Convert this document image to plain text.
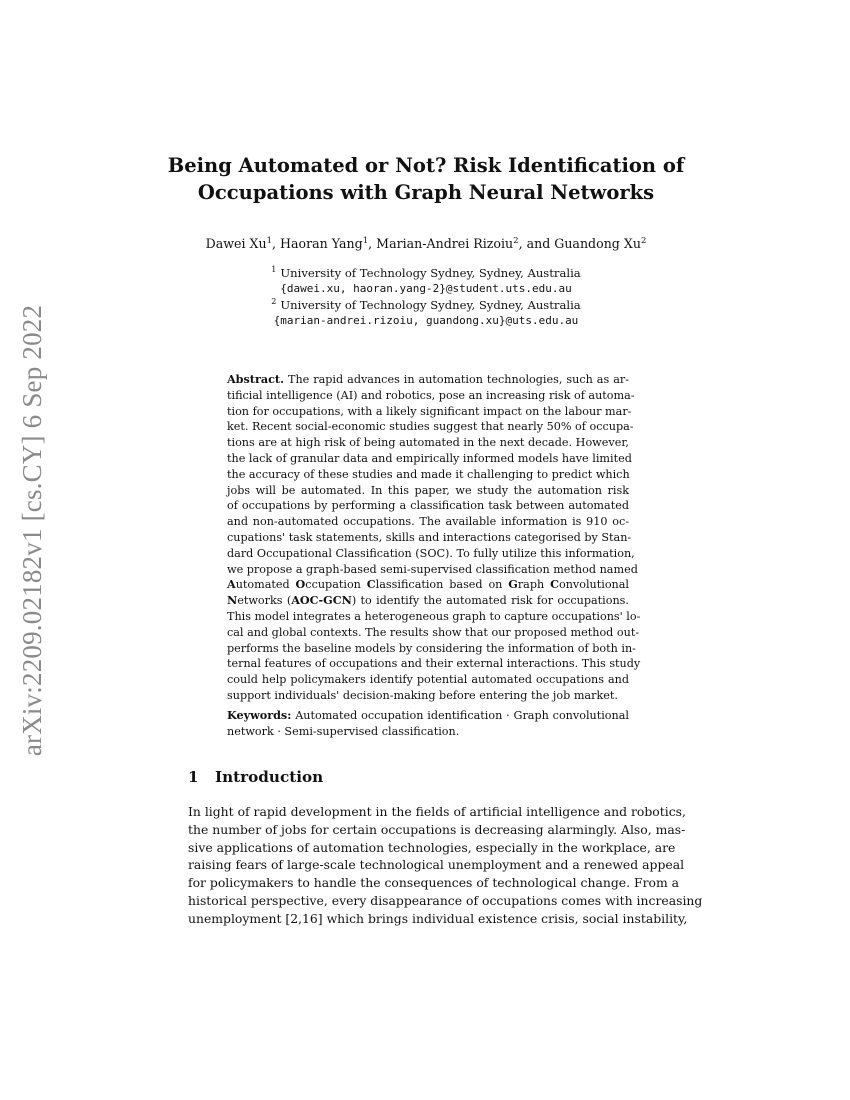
arXiv:2209.02182v1 [cs.CY] 6 Sep 2022
Being Automated or Not? Risk Identification of
Occupations with Graph Neural Networks
Dawei Xu$^1$, Haoran Yang$^1$, Marian-Andrei Rizoiu$^2$, and Guandong Xu$^2$
$^1$ University of Technology Sydney, Sydney, Australia
{dawei.xu, haoran.yang-2}@student.uts.edu.au
$^2$ University of Technology Sydney, Sydney, Australia
{marian-andrei.rizoiu, guandong.xu}@uts.edu.au
Abstract. The rapid advances in automation technologies, such as ar-
tificial intelligence (AI) and robotics, pose an increasing risk of automa-
tion for occupations, with a likely significant impact on the labour mar-
ket. Recent social-economic studies suggest that nearly 50% of occupa-
tions are at high risk of being automated in the next decade. However,
the lack of granular data and empirically informed models have limited
the accuracy of these studies and made it challenging to predict which
jobs will be automated. In this paper, we study the automation risk
of occupations by performing a classification task between automated
and non-automated occupations. The available information is 910 oc-
cupations' task statements, skills and interactions categorised by Stan-
dard Occupational Classification (SOC). To fully utilize this information,
we propose a graph-based semi-supervised classification method named
Automated Occupation Classification based on Graph Convolutional
Networks (AOC-GCN) to identify the automated risk for occupations.
This model integrates a heterogeneous graph to capture occupations' lo-
cal and global contexts. The results show that our proposed method out-
performs the baseline models by considering the information of both in-
ternal features of occupations and their external interactions. This study
could help policymakers identify potential automated occupations and
support individuals' decision-making before entering the job market.
Keywords: Automated occupation identification · Graph convolutional
network · Semi-supervised classification.
1 Introduction
In light of rapid development in the fields of artificial intelligence and robotics,
the number of jobs for certain occupations is decreasing alarmingly. Also, mas-
sive applications of automation technologies, especially in the workplace, are
raising fears of large-scale technological unemployment and a renewed appeal
for policymakers to handle the consequences of technological change. From a
historical perspective, every disappearance of occupations comes with increasing
unemployment [2,16] which brings individual existence crisis, social instability,
